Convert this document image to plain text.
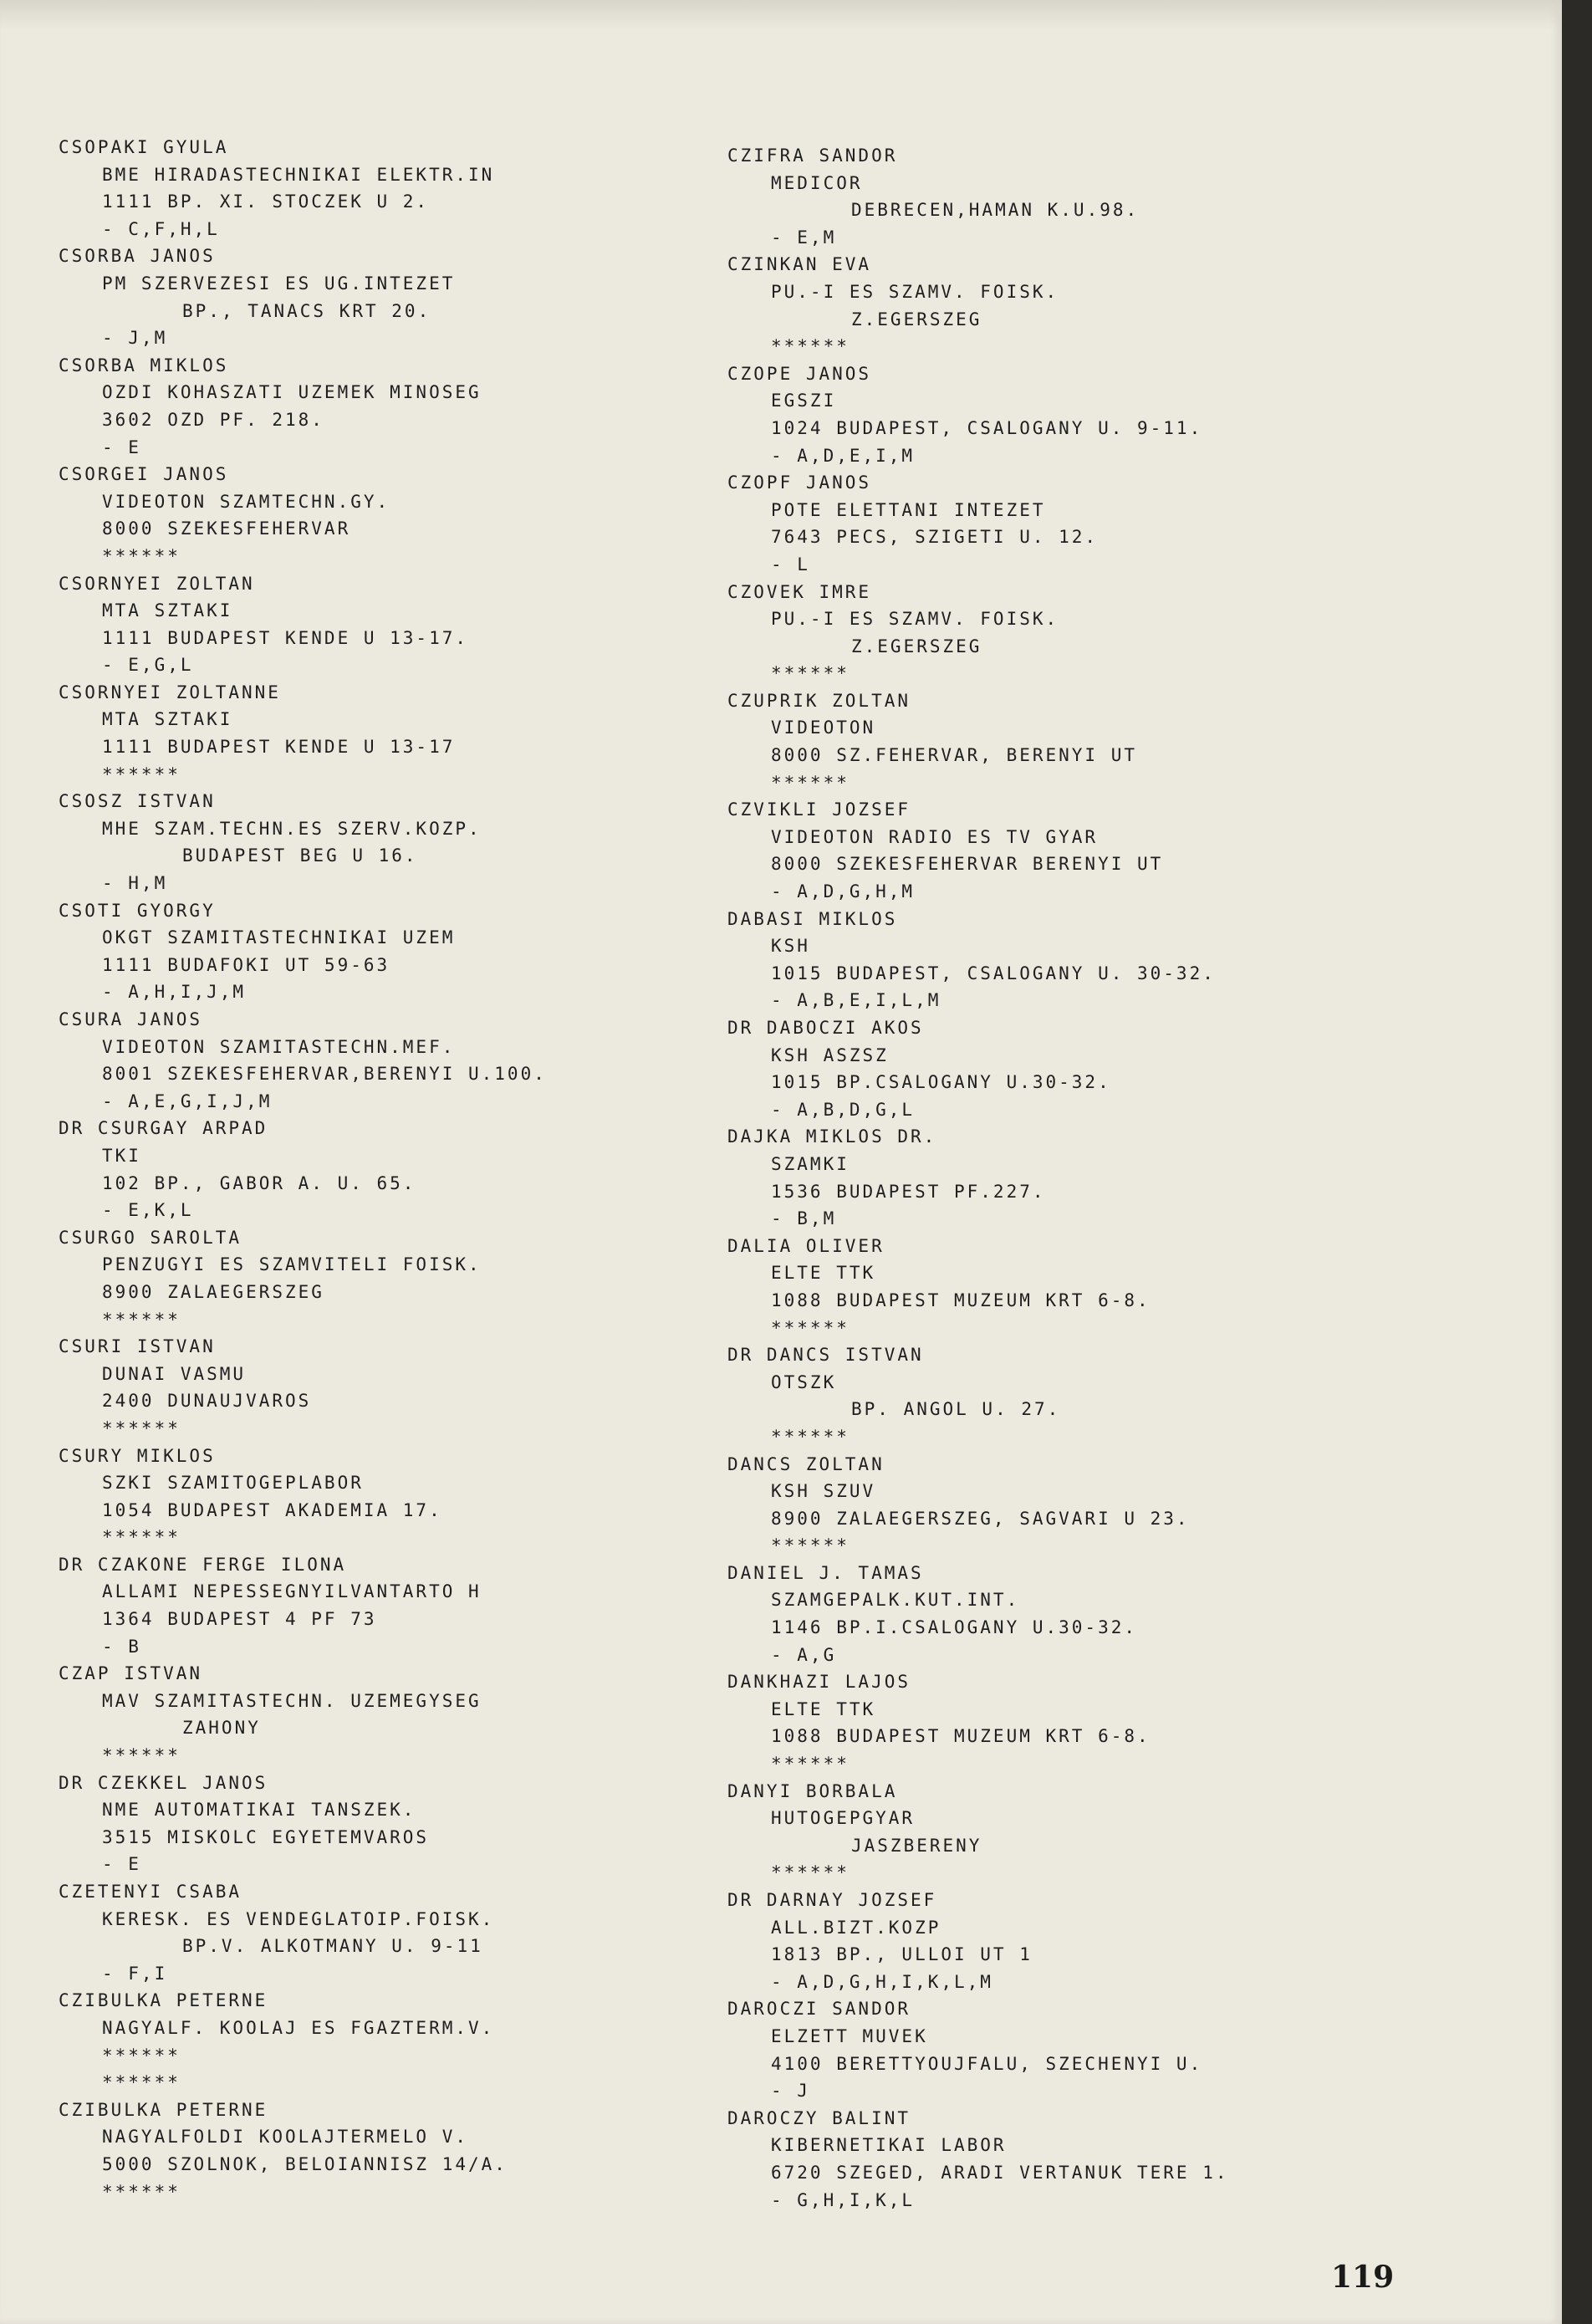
CSOPAKI GYULA
BME HIRADASTECHNIKAI ELEKTR.IN
1111 BP. XI. STOCZEK U 2.
- C,F,H,L
CSORBA JANOS
PM SZERVEZESI ES UG.INTEZET
BP., TANACS KRT 20.
- J,M
CSORBA MIKLOS
OZDI KOHASZATI UZEMEK MINOSEG
3602 OZD PF. 218.
- E
CSORGEI JANOS
VIDEOTON SZAMTECHN.GY.
8000 SZEKESFEHERVAR
******
CSORNYEI ZOLTAN
MTA SZTAKI
1111 BUDAPEST KENDE U 13-17.
- E,G,L
CSORNYEI ZOLTANNE
MTA SZTAKI
1111 BUDAPEST KENDE U 13-17
******
CSOSZ ISTVAN
MHE SZAM.TECHN.ES SZERV.KOZP.
BUDAPEST BEG U 16.
- H,M
CSOTI GYORGY
OKGT SZAMITASTECHNIKAI UZEM
1111 BUDAFOKI UT 59-63
- A,H,I,J,M
CSURA JANOS
VIDEOTON SZAMITASTECHN.MEF.
8001 SZEKESFEHERVAR,BERENYI U.100.
- A,E,G,I,J,M
DR CSURGAY ARPAD
TKI
102 BP., GABOR A. U. 65.
- E,K,L
CSURGO SAROLTA
PENZUGYI ES SZAMVITELI FOISK.
8900 ZALAEGERSZEG
******
CSURI ISTVAN
DUNAI VASMU
2400 DUNAUJVAROS
******
CSURY MIKLOS
SZKI SZAMITOGEPLABOR
1054 BUDAPEST AKADEMIA 17.
******
DR CZAKONE FERGE ILONA
ALLAMI NEPESSEGNYILVANTARTO H
1364 BUDAPEST 4 PF 73
- B
CZAP ISTVAN
MAV SZAMITASTECHN. UZEMEGYSEG
ZAHONY
******
DR CZEKKEL JANOS
NME AUTOMATIKAI TANSZEK.
3515 MISKOLC EGYETEMVAROS
- E
CZETENYI CSABA
KERESK. ES VENDEGLATOIP.FOISK.
BP.V. ALKOTMANY U. 9-11
- F,I
CZIBULKA PETERNE
NAGYALF. KOOLAJ ES FGAZTERM.V.
******
******
CZIBULKA PETERNE
NAGYALFOLDI KOOLAJTERMELO V.
5000 SZOLNOK, BELOIANNISZ 14/A.
******
CZIFRA SANDOR
MEDICOR
DEBRECEN,HAMAN K.U.98.
- E,M
CZINKAN EVA
PU.-I ES SZAMV. FOISK.
Z.EGERSZEG
******
CZOPE JANOS
EGSZI
1024 BUDAPEST, CSALOGANY U. 9-11.
- A,D,E,I,M
CZOPF JANOS
POTE ELETTANI INTEZET
7643 PECS, SZIGETI U. 12.
- L
CZOVEK IMRE
PU.-I ES SZAMV. FOISK.
Z.EGERSZEG
******
CZUPRIK ZOLTAN
VIDEOTON
8000 SZ.FEHERVAR, BERENYI UT
******
CZVIKLI JOZSEF
VIDEOTON RADIO ES TV GYAR
8000 SZEKESFEHERVAR BERENYI UT
- A,D,G,H,M
DABASI MIKLOS
KSH
1015 BUDAPEST, CSALOGANY U. 30-32.
- A,B,E,I,L,M
DR DABOCZI AKOS
KSH ASZSZ
1015 BP.CSALOGANY U.30-32.
- A,B,D,G,L
DAJKA MIKLOS DR.
SZAMKI
1536 BUDAPEST PF.227.
- B,M
DALIA OLIVER
ELTE TTK
1088 BUDAPEST MUZEUM KRT 6-8.
******
DR DANCS ISTVAN
OTSZK
BP. ANGOL U. 27.
******
DANCS ZOLTAN
KSH SZUV
8900 ZALAEGERSZEG, SAGVARI U 23.
******
DANIEL J. TAMAS
SZAMGEPALK.KUT.INT.
1146 BP.I.CSALOGANY U.30-32.
- A,G
DANKHAZI LAJOS
ELTE TTK
1088 BUDAPEST MUZEUM KRT 6-8.
******
DANYI BORBALA
HUTOGEPGYAR
JASZBERENY
******
DR DARNAY JOZSEF
ALL.BIZT.KOZP
1813 BP., ULLOI UT 1
- A,D,G,H,I,K,L,M
DAROCZI SANDOR
ELZETT MUVEK
4100 BERETTYOUJFALU, SZECHENYI U.
- J
DAROCZY BALINT
KIBERNETIKAI LABOR
6720 SZEGED, ARADI VERTANUK TERE 1.
- G,H,I,K,L
119
